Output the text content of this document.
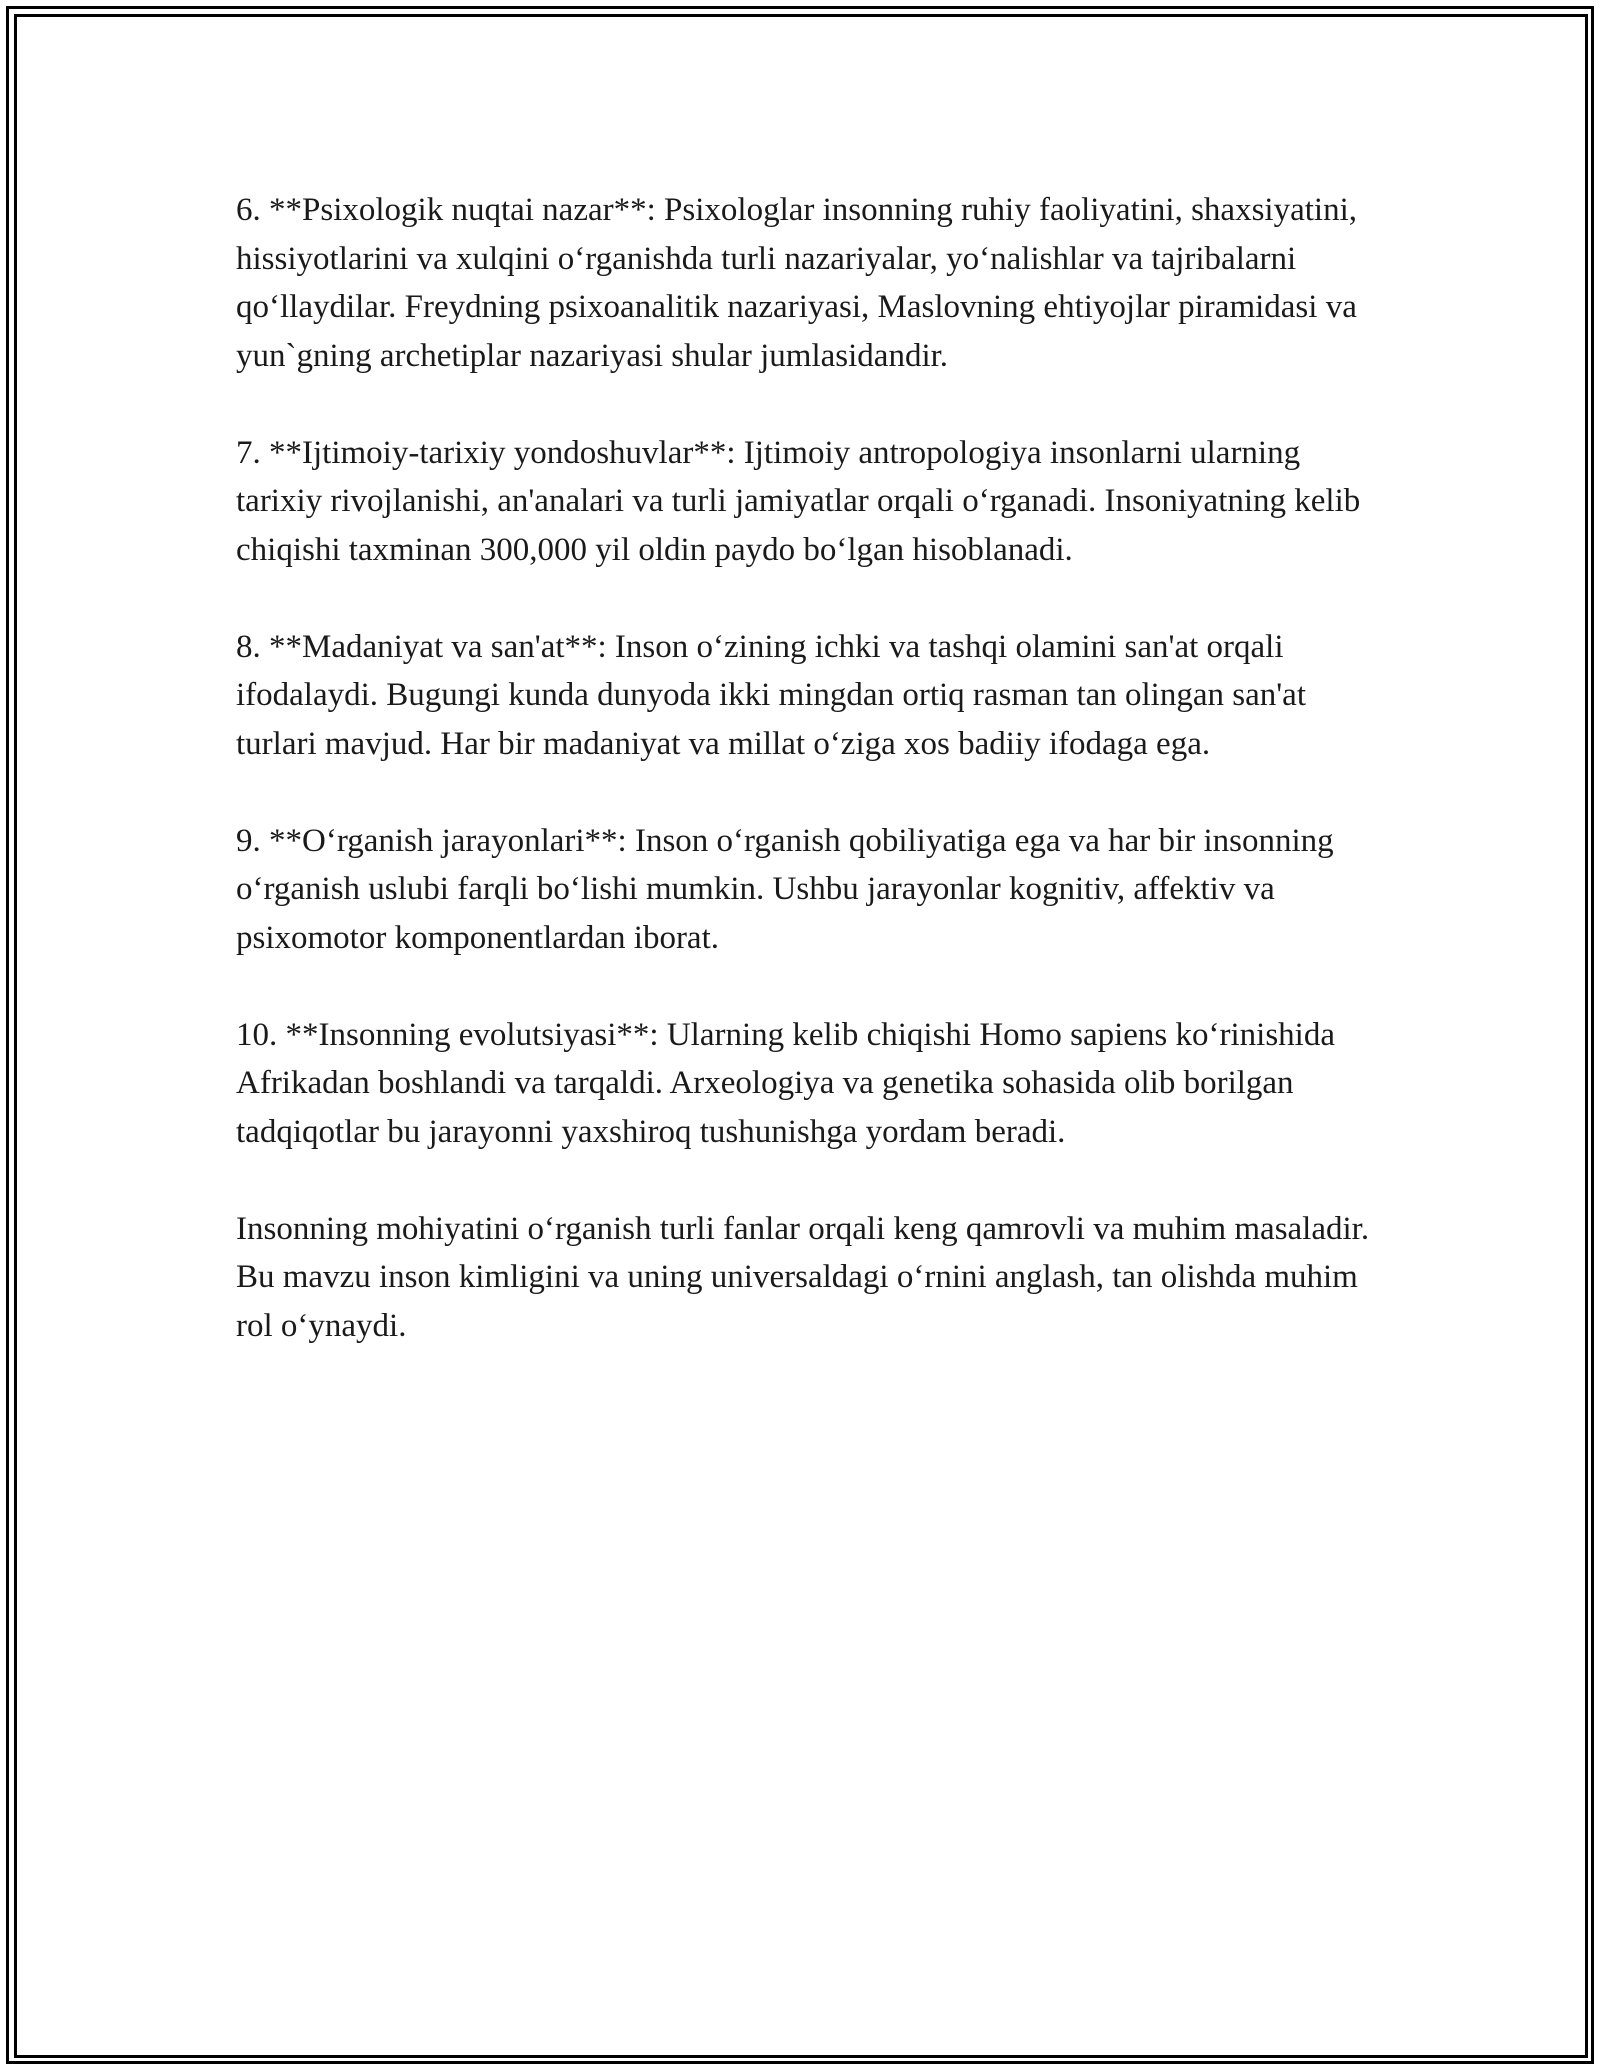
6. **Psixologik nuqtai nazar**: Psixologlar insonning ruhiy faoliyatini, shaxsiyatini, hissiyotlarini va xulqini o‘rganishda turli nazariyalar, yo‘nalishlar va tajribalarni qo‘llaydilar. Freydning psixoanalitik nazariyasi, Maslovning ehtiyojlar piramidasi va yun`gning archetiplar nazariyasi shular jumlasidandir.

7. **Ijtimoiy-tarixiy yondoshuvlar**: Ijtimoiy antropologiya insonlarni ularning tarixiy rivojlanishi, an'analari va turli jamiyatlar orqali o‘rganadi. Insoniyatning kelib chiqishi taxminan 300,000 yil oldin paydo bo‘lgan hisoblanadi.

8. **Madaniyat va san'at**: Inson o‘zining ichki va tashqi olamini san'at orqali ifodalaydi. Bugungi kunda dunyoda ikki mingdan ortiq rasman tan olingan san'at turlari mavjud. Har bir madaniyat va millat o‘ziga xos badiiy ifodaga ega.

9. **O‘rganish jarayonlari**: Inson o‘rganish qobiliyatiga ega va har bir insonning o‘rganish uslubi farqli bo‘lishi mumkin. Ushbu jarayonlar kognitiv, affektiv va psixomotor komponentlardan iborat.

10. **Insonning evolutsiyasi**: Ularning kelib chiqishi Homo sapiens ko‘rinishida Afrikadan boshlandi va tarqaldi. Arxeologiya va genetika sohasida olib borilgan tadqiqotlar bu jarayonni yaxshiroq tushunishga yordam beradi.

Insonning mohiyatini o‘rganish turli fanlar orqali keng qamrovli va muhim masaladir. Bu mavzu inson kimligini va uning universaldagi o‘rnini anglash, tan olishda muhim rol o‘ynaydi.
